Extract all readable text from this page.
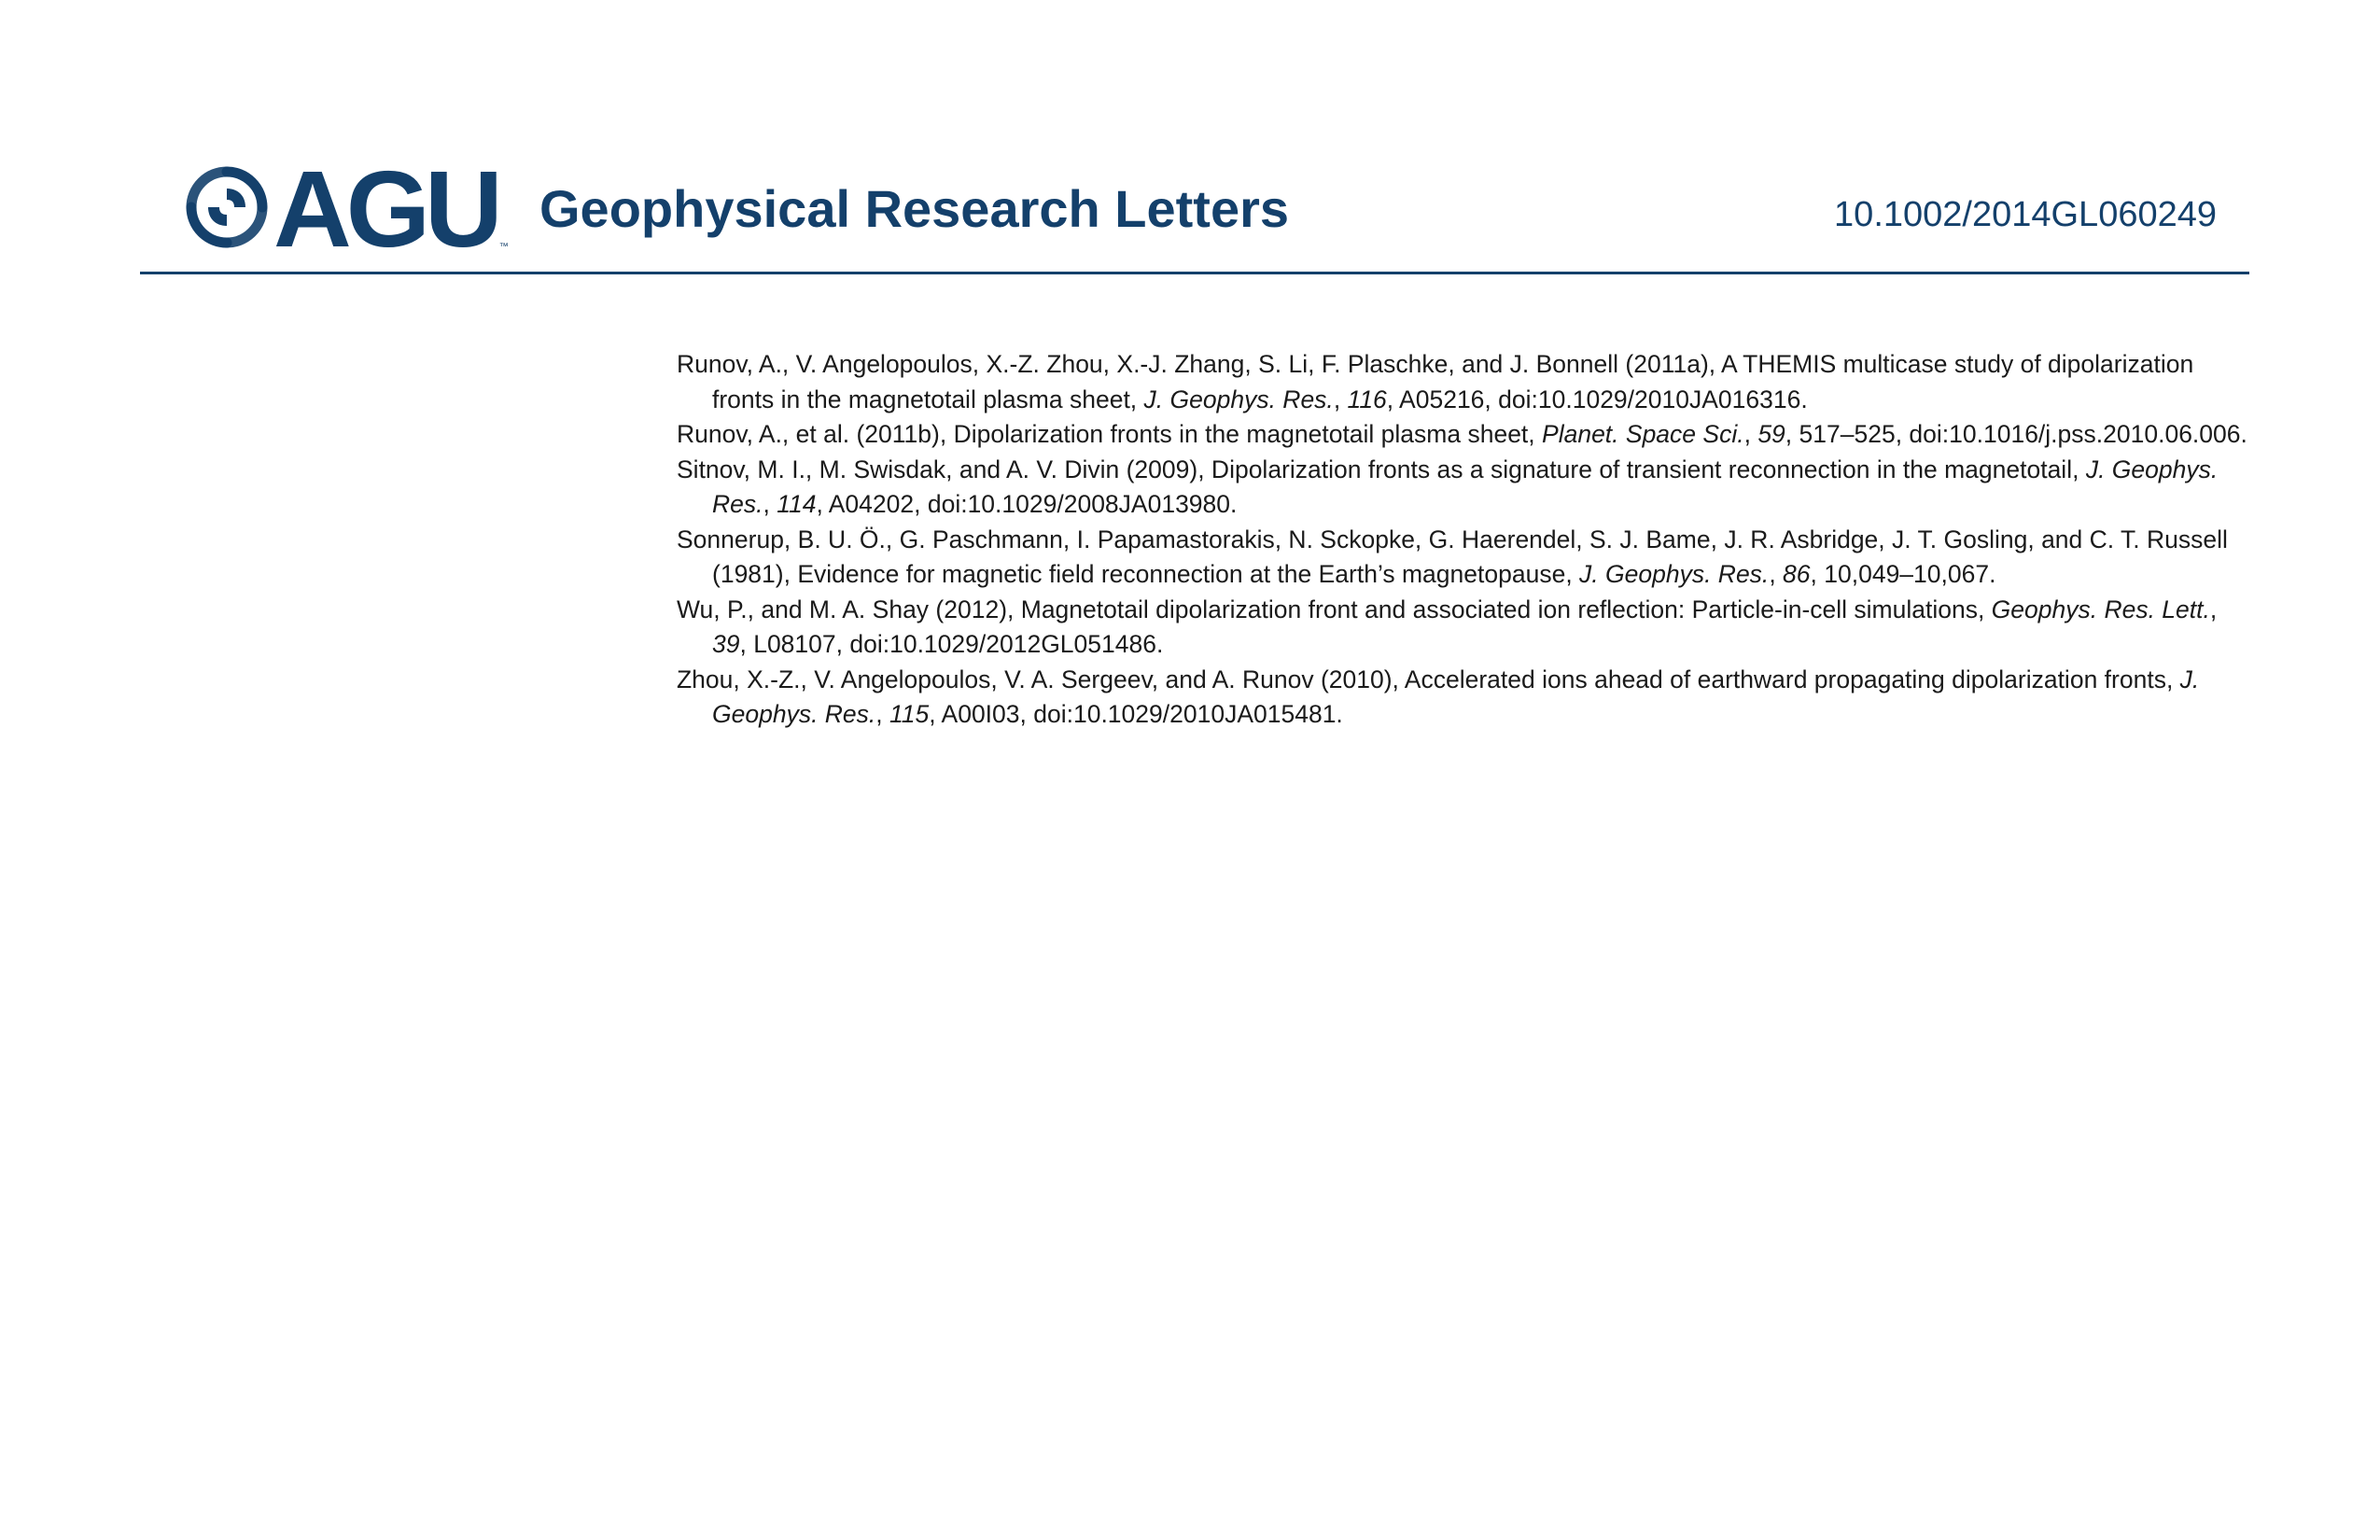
AGU ™
Geophysical Research Letters	10.1002/2014GL060249

Runov, A., V. Angelopoulos, X.-Z. Zhou, X.-J. Zhang, S. Li, F. Plaschke, and J. Bonnell (2011a), A THEMIS multicase study of dipolarization fronts in the magnetotail plasma sheet, J. Geophys. Res., 116, A05216, doi:10.1029/2010JA016316.

Runov, A., et al. (2011b), Dipolarization fronts in the magnetotail plasma sheet, Planet. Space Sci., 59, 517–525, doi:10.1016/j.pss.2010.06.006.

Sitnov, M. I., M. Swisdak, and A. V. Divin (2009), Dipolarization fronts as a signature of transient reconnection in the magnetotail, J. Geophys. Res., 114, A04202, doi:10.1029/2008JA013980.

Sonnerup, B. U. Ö., G. Paschmann, I. Papamastorakis, N. Sckopke, G. Haerendel, S. J. Bame, J. R. Asbridge, J. T. Gosling, and C. T. Russell (1981), Evidence for magnetic field reconnection at the Earth’s magnetopause, J. Geophys. Res., 86, 10,049–10,067.

Wu, P., and M. A. Shay (2012), Magnetotail dipolarization front and associated ion reflection: Particle-in-cell simulations, Geophys. Res. Lett., 39, L08107, doi:10.1029/2012GL051486.

Zhou, X.-Z., V. Angelopoulos, V. A. Sergeev, and A. Runov (2010), Accelerated ions ahead of earthward propagating dipolarization fronts, J. Geophys. Res., 115, A00I03, doi:10.1029/2010JA015481.
